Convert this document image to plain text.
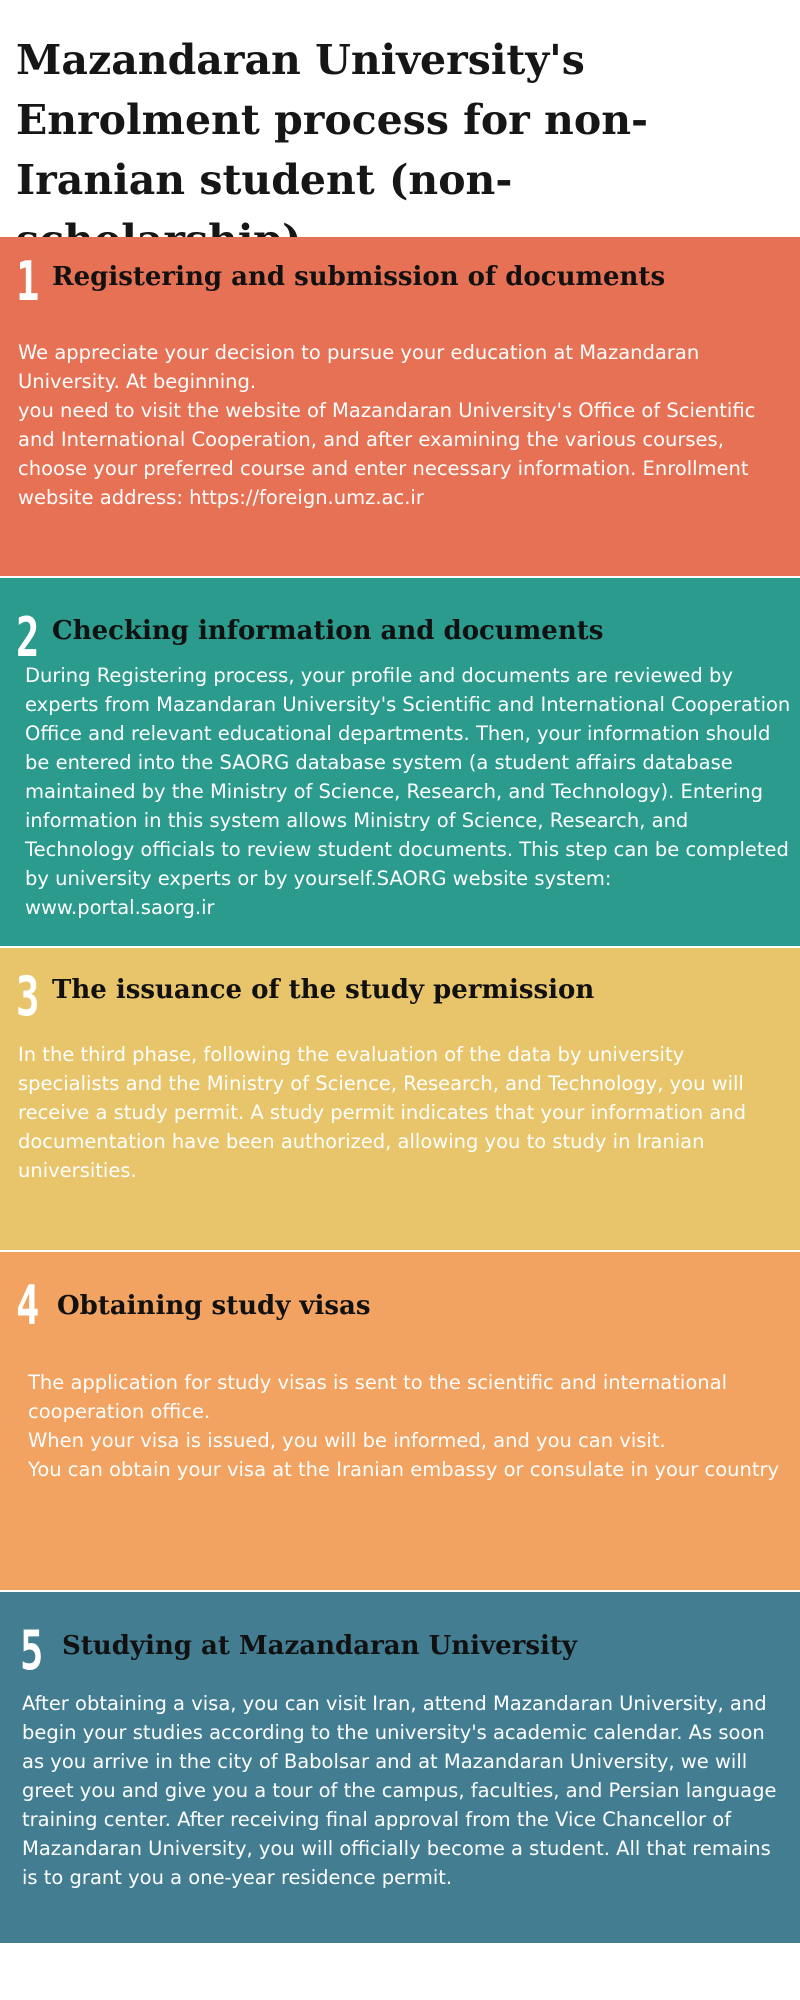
Mazandaran University's Enrolment process for non-Iranian student (non-
1 Registering and submission of documents

We appreciate your decision to pursue your education at Mazandaran University. At beginning.
you need to visit the website of Mazandaran University's Office of Scientific and International Cooperation, and after examining the various courses, choose your preferred course and enter necessary information. Enrollment website address: https://foreign.umz.ac.ir

2 Checking information and documents

During Registering process, your profile and documents are reviewed by experts from Mazandaran University's Scientific and International Cooperation Office and relevant educational departments. Then, your information should be entered into the SAORG database system (a student affairs database maintained by the Ministry of Science, Research, and Technology). Entering information in this system allows Ministry of Science, Research, and Technology officials to review student documents. This step can be completed by university experts or by yourself.SAORG website system: www.portal.saorg.ir

3 The issuance of the study permission

In the third phase, following the evaluation of the data by university specialists and the Ministry of Science, Research, and Technology, you will receive a study permit. A study permit indicates that your information and documentation have been authorized, allowing you to study in Iranian universities.

4 Obtaining study visas

The application for study visas is sent to the scientific and international cooperation office.
When your visa is issued, you will be informed, and you can visit.
You can obtain your visa at the Iranian embassy or consulate in your country

5 Studying at Mazandaran University

After obtaining a visa, you can visit Iran, attend Mazandaran University, and begin your studies according to the university's academic calendar. As soon as you arrive in the city of Babolsar and at Mazandaran University, we will greet you and give you a tour of the campus, faculties, and Persian language training center. After receiving final approval from the Vice Chancellor of Mazandaran University, you will officially become a student. All that remains is to grant you a one-year residence permit.
